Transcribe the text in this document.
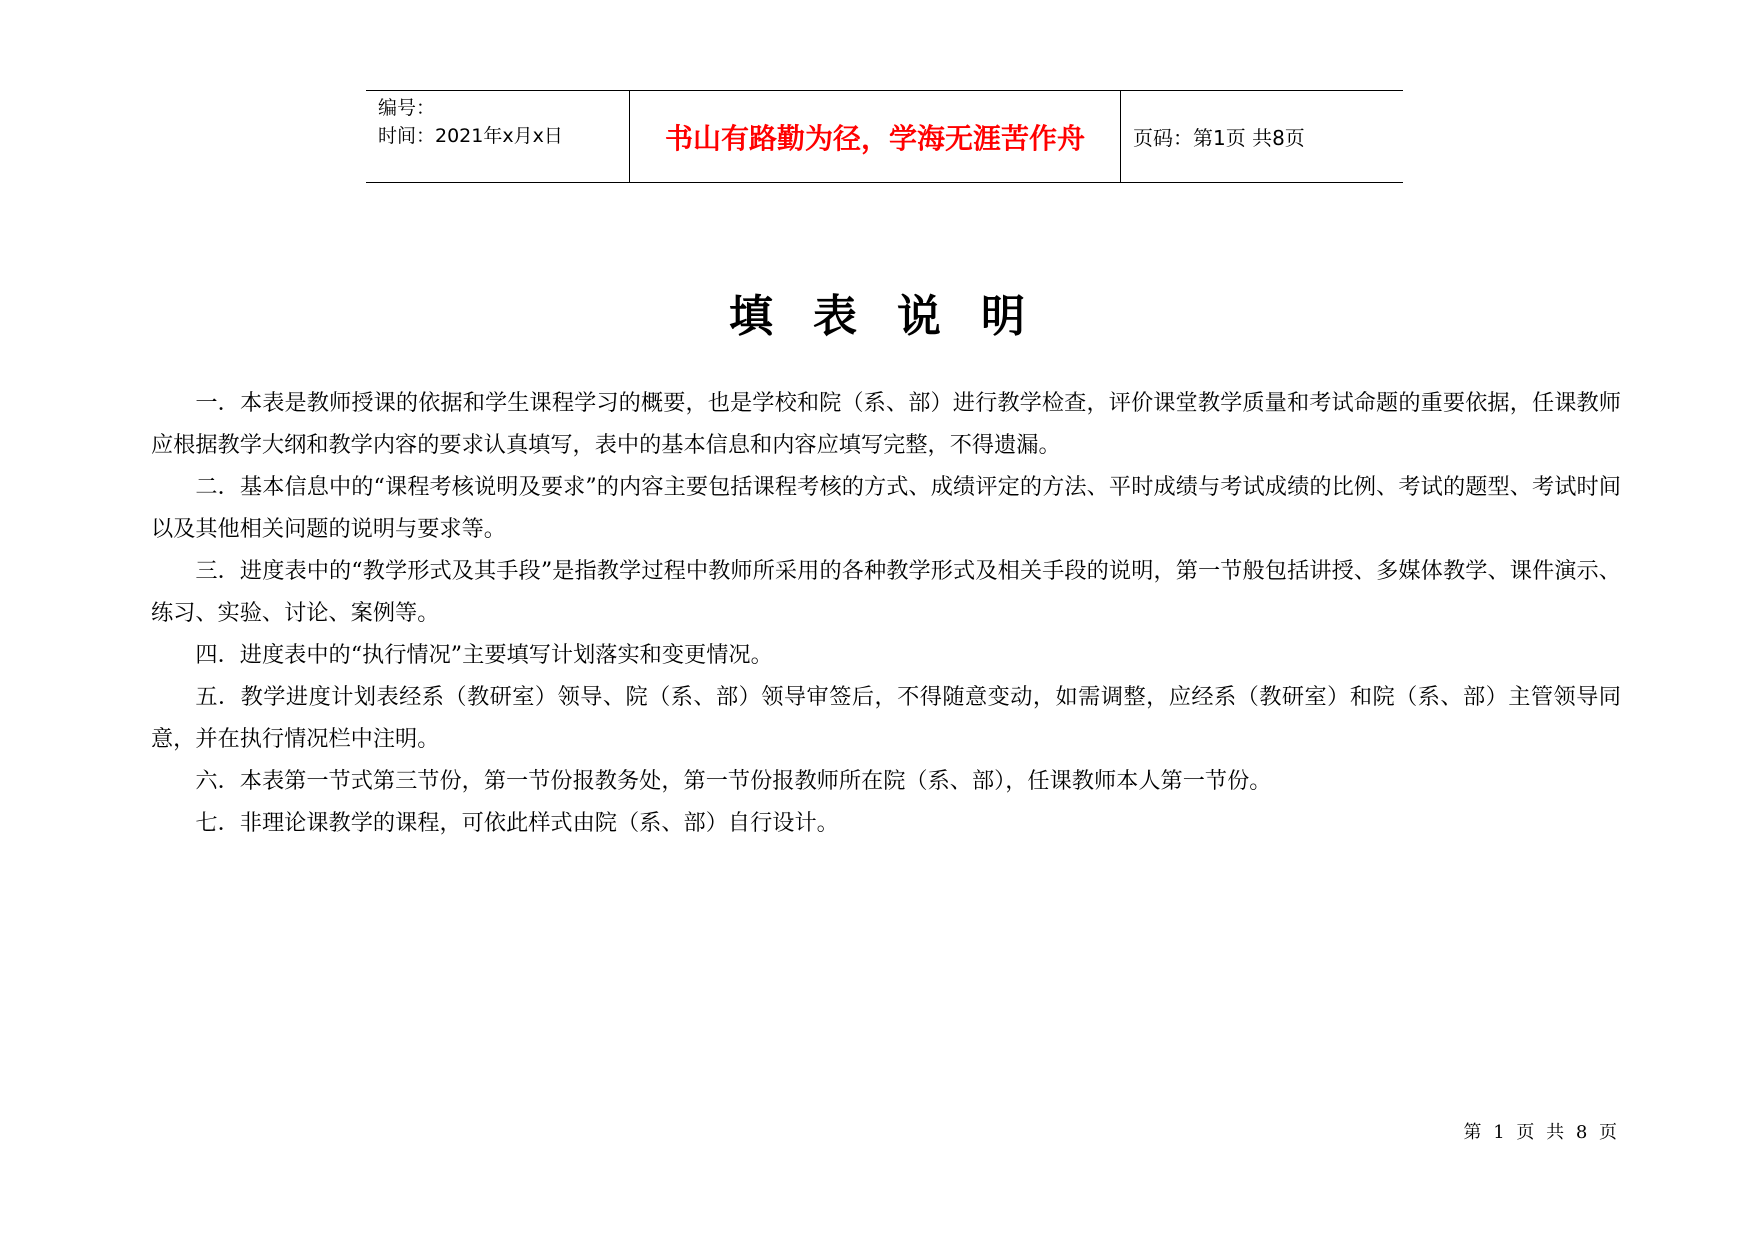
编号：
时间：2021年x月x日	书山有路勤为径，学海无涯苦作舟 页码：第1页 共8页
填表说明

一．本表是教师授课的依据和学生课程学习的概要，也是学校和院（系、部）进行教学检查，评价课堂教学质量和考试命题的重要依据，任课教师应根据教学大纲和教学内容的要求认真填写，表中的基本信息和内容应填写完整，不得遗漏。

二．基本信息中的“课程考核说明及要求”的内容主要包括课程考核的方式、成绩评定的方法、平时成绩与考试成绩的比例、考试的题型、考试时间以及其他相关问题的说明与要求等。

三．进度表中的“教学形式及其手段”是指教学过程中教师所采用的各种教学形式及相关手段的说明，第一节般包括讲授、多媒体教学、课件演示、练习、实验、讨论、案例等。

四．进度表中的“执行情况”主要填写计划落实和变更情况。

五．教学进度计划表经系（教研室）领导、院（系、部）领导审签后，不得随意变动，如需调整，应经系（教研室）和院（系、部）主管领导同意，并在执行情况栏中注明。

六．本表第一节式第三节份，第一节份报教务处，第一节份报教师所在院（系、部），任课教师本人第一节份。

七．非理论课教学的课程，可依此样式由院（系、部）自行设计。

第 1 页 共 8 页
